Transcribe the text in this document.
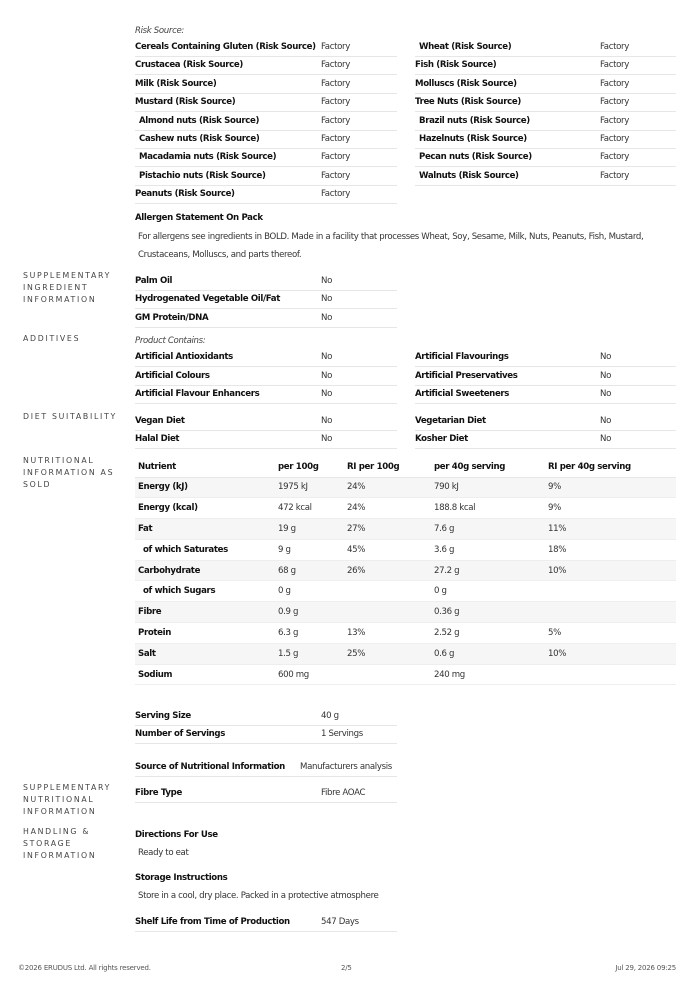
Risk Source:
Cereals Containing Gluten (Risk Source) Factory
Crustacea (Risk Source)	Factory
Milk (Risk Source)	Factory
Mustard (Risk Source)	Factory
Almond nuts (Risk Source)	Factory
Cashew nuts (Risk Source)	Factory
Macadamia nuts (Risk Source)	Factory
Pistachio nuts (Risk Source)	Factory
Peanuts (Risk Source)	Factory
Wheat (Risk Source)	Factory
Fish (Risk Source)	Factory
Molluscs (Risk Source)	Factory
Tree Nuts (Risk Source)	Factory
Brazil nuts (Risk Source)	Factory
Hazelnuts (Risk Source)	Factory
Pecan nuts (Risk Source)	Factory
Walnuts (Risk Source)	Factory
Allergen Statement On Pack
For allergens see ingredients in BOLD. Made in a facility that processes Wheat, Soy, Sesame, Milk, Nuts, Peanuts, Fish, Mustard,
Crustaceans, Molluscs, and parts thereof.
SUPPLEMENTARY INGREDIENT INFORMATION
Palm Oil	No
Hydrogenated Vegetable Oil/Fat	No
GM Protein/DNA	No
ADDITIVES	Product Contains:
Artificial Antioxidants	No
Artificial Colours	No
Artificial Flavour Enhancers	No
Artificial Flavourings	No
Artificial Preservatives	No
Artificial Sweeteners	No
DIET SUITABILITY	Vegan Diet	No
Halal Diet	No
Vegetarian Diet	No
Kosher Diet	No
NUTRITIONAL INFORMATION AS SOLD
Nutrient	per 100g	RI per 100g	per 40g serving	RI per 40g serving
Energy (kJ)	1975 kJ	24%	790 kJ	9%
Energy (kcal)	472 kcal	24%	188.8 kcal	9%
Fat	19 g	27%	7.6 g	11%
of which Saturates	9 g	45%	3.6 g	18%
Carbohydrate	68 g	26%	27.2 g	10%
of which Sugars	0 g		0 g	
Fibre	0.9 g		0.36 g	
Protein	6.3 g	13%	2.52 g	5%
Salt	1.5 g	25%	0.6 g	10%
Sodium	600 mg		240 mg	
Serving Size	40 g
Number of Servings	1 Servings
Source of Nutritional Information Manufacturers analysis
SUPPLEMENTARY NUTRITIONAL INFORMATION
Fibre Type	Fibre AOAC
HANDLING & STORAGE INFORMATION
Directions For Use
Ready to eat
Storage Instructions
Store in a cool, dry place. Packed in a protective atmosphere
Shelf Life from Time of Production	547 Days
©2026 ERUDUS Ltd. All rights reserved.	2/5	Jul 29, 2026 09:25
